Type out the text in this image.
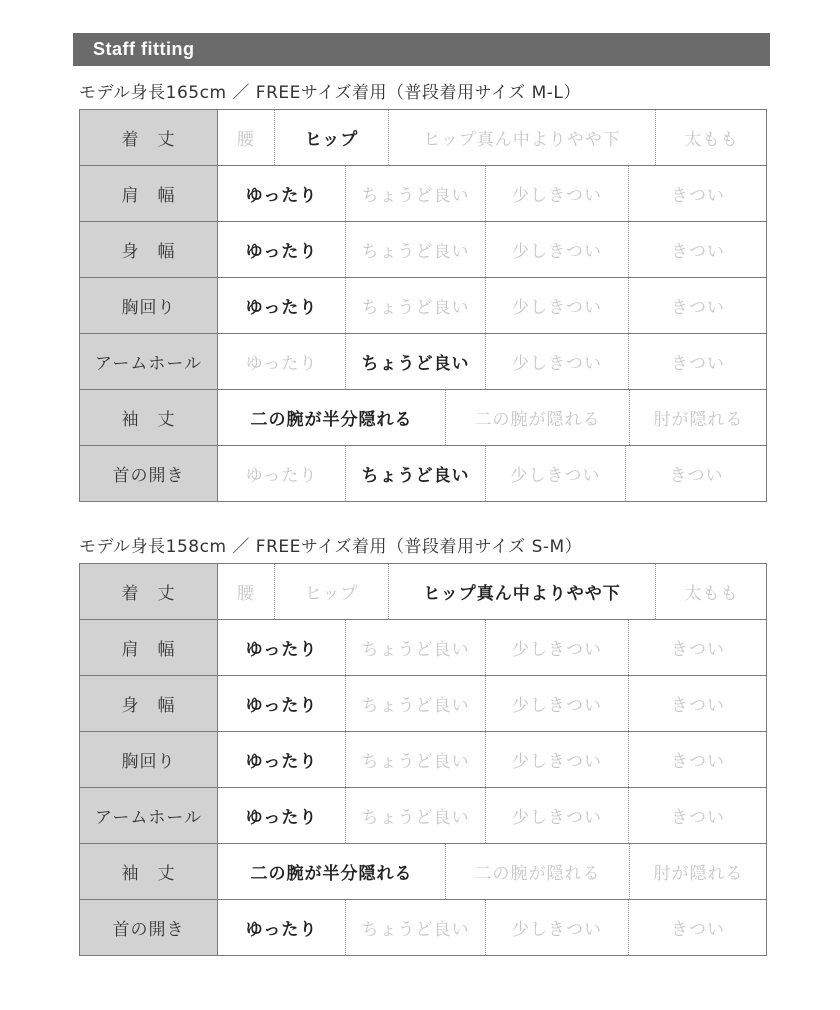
Staff fitting
モデル身長165cm ／ FREEサイズ着用（普段着用サイズ M-L）
着　丈	腰 ヒップ ヒップ真ん中よりやや下 太もも

肩　幅	ゆったり ちょうど良い 少しきつい きつい

身　幅	ゆったり ちょうど良い 少しきつい きつい

胸回り	ゆったり ちょうど良い 少しきつい きつい

アームホール	ゆったり ちょうど良い 少しきつい きつい

袖　丈	二の腕が半分隠れる 二の腕が隠れる 肘が隠れる

首の開き	ゆったり ちょうど良い 少しきつい きつい
モデル身長158cm ／ FREEサイズ着用（普段着用サイズ S-M）
着　丈	腰 ヒップ ヒップ真ん中よりやや下 太もも

肩　幅	ゆったり ちょうど良い 少しきつい きつい

身　幅	ゆったり ちょうど良い 少しきつい きつい

胸回り	ゆったり ちょうど良い 少しきつい きつい

アームホール	ゆったり ちょうど良い 少しきつい きつい

袖　丈	二の腕が半分隠れる 二の腕が隠れる 肘が隠れる

首の開き	ゆったり ちょうど良い 少しきつい きつい
